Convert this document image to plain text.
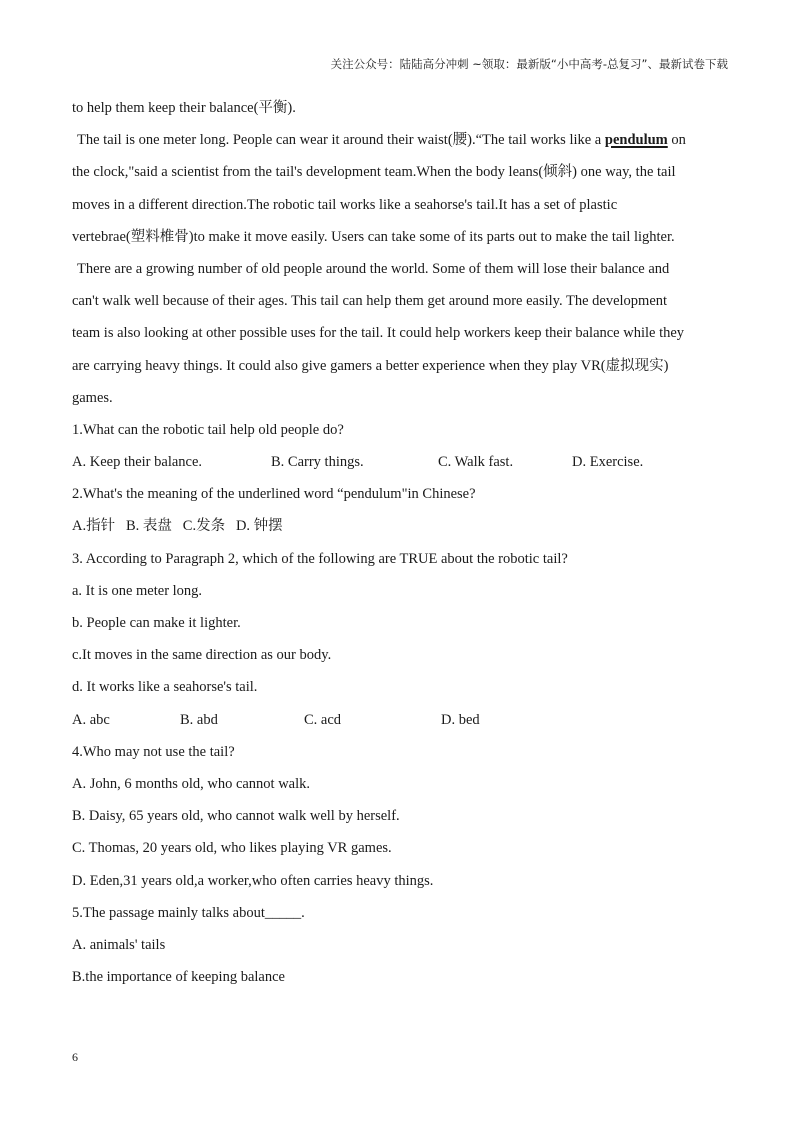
关注公众号：陆陆高分冲刺 ~领取：最新版“小中高考-总复习”、最新试卷下载
to help them keep their balance(平衡).
The tail is one meter long. People can wear it around their waist(腰).“The tail works like a pendulum on
the clock,"said a scientist from the tail's development team.When the body leans(倾斜) one way, the tail
moves in a different direction.The robotic tail works like a seahorse's tail.It has a set of plastic
vertebrae(塑料椎骨)to make it move easily. Users can take some of its parts out to make the tail lighter.
There are a growing number of old people around the world. Some of them will lose their balance and
can't walk well because of their ages. This tail can help them get around more easily. The development
team is also looking at other possible uses for the tail. It could help workers keep their balance while they
are carrying heavy things. It could also give gamers a better experience when they play VR(虚拟现实)
games.
1.What can the robotic tail help old people do?
A. Keep their balance.	B. Carry things.	C. Walk fast.	D. Exercise.
2.What's the meaning of the underlined word “pendulum"in Chinese?
A.指针   B. 表盘   C.发条   D. 钟摆
3. According to Paragraph 2, which of the following are TRUE about the robotic tail?
a. It is one meter long.
b. People can make it lighter.
c.It moves in the same direction as our body.
d. It works like a seahorse's tail.
A. abc	B. abd	C. acd	D. bed
4.Who may not use the tail?
A. John, 6 months old, who cannot walk.
B. Daisy, 65 years old, who cannot walk well by herself.
C. Thomas, 20 years old, who likes playing VR games.
D. Eden,31 years old,a worker,who often carries heavy things.
5.The passage mainly talks about_____.
A. animals' tails
B.the importance of keeping balance
6
